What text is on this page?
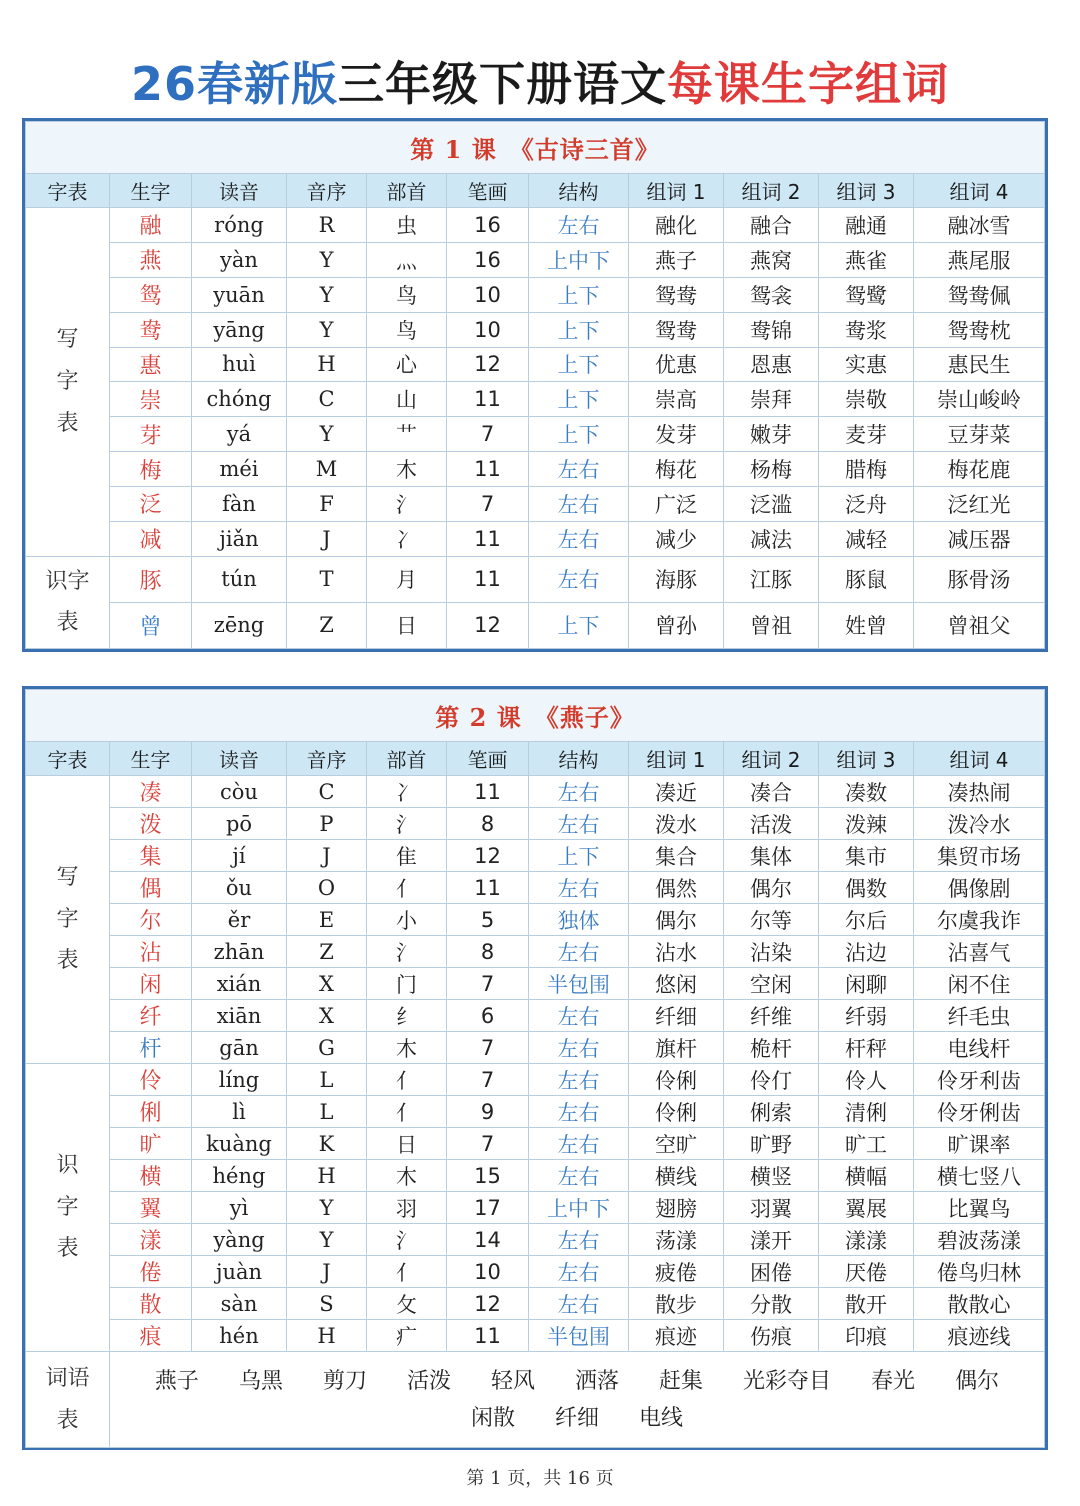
26春新版三年级下册语文每课生字组词
第 1 课　《古诗三首》										
字表	生字	读音	音序	部首	笔画	结构	组词 1	组词 2	组词 3	组词 4
写
字
表	融	róng	R	虫	16	左右	融化	融合	融通	融冰雪
	燕	yàn	Y	灬	16	上中下	燕子	燕窝	燕雀	燕尾服
	鸳	yuān	Y	鸟	10	上下	鸳鸯	鸳衾	鸳鹭	鸳鸯佩
	鸯	yāng	Y	鸟	10	上下	鸳鸯	鸯锦	鸯浆	鸳鸯枕
	惠	huì	H	心	12	上下	优惠	恩惠	实惠	惠民生
	崇	chóng	C	山	11	上下	崇高	崇拜	崇敬	崇山峻岭
	芽	yá	Y	艹	7	上下	发芽	嫩芽	麦芽	豆芽菜
	梅	méi	M	木	11	左右	梅花	杨梅	腊梅	梅花鹿
	泛	fàn	F	氵	7	左右	广泛	泛滥	泛舟	泛红光
	减	jiǎn	J	冫	11	左右	减少	减法	减轻	减压器
识字
表	豚	tún	T	月	11	左右	海豚	江豚	豚鼠	豚骨汤
	曾	zēng	Z	日	12	上下	曾孙	曾祖	姓曾	曾祖父
第 2 课　《燕子》										
字表	生字	读音	音序	部首	笔画	结构	组词 1	组词 2	组词 3	组词 4
写
字
表	凑	còu	C	冫	11	左右	凑近	凑合	凑数	凑热闹
	泼	pō	P	氵	8	左右	泼水	活泼	泼辣	泼冷水
	集	jí	J	隹	12	上下	集合	集体	集市	集贸市场
	偶	ǒu	O	亻	11	左右	偶然	偶尔	偶数	偶像剧
	尔	ěr	E	小	5	独体	偶尔	尔等	尔后	尔虞我诈
	沾	zhān	Z	氵	8	左右	沾水	沾染	沾边	沾喜气
	闲	xián	X	门	7	半包围	悠闲	空闲	闲聊	闲不住
	纤	xiān	X	纟	6	左右	纤细	纤维	纤弱	纤毛虫
	杆	gān	G	木	7	左右	旗杆	桅杆	杆秤	电线杆
识
字
表	伶	líng	L	亻	7	左右	伶俐	伶仃	伶人	伶牙利齿
	俐	lì	L	亻	9	左右	伶俐	俐索	清俐	伶牙俐齿
	旷	kuàng	K	日	7	左右	空旷	旷野	旷工	旷课率
	横	héng	H	木	15	左右	横线	横竖	横幅	横七竖八
	翼	yì	Y	羽	17	上中下	翅膀	羽翼	翼展	比翼鸟
	漾	yàng	Y	氵	14	左右	荡漾	漾开	漾漾	碧波荡漾
	倦	juàn	J	亻	10	左右	疲倦	困倦	厌倦	倦鸟归林
	散	sàn	S	攵	12	左右	散步	分散	散开	散散心
	痕	hén	H	疒	11	半包围	痕迹	伤痕	印痕	痕迹线
词语
表	燕子 乌黑 剪刀 活泼 轻风 洒落 赶集 光彩夺目 春光 偶尔闲散 纤细 电线									
第 1 页，共 16 页
